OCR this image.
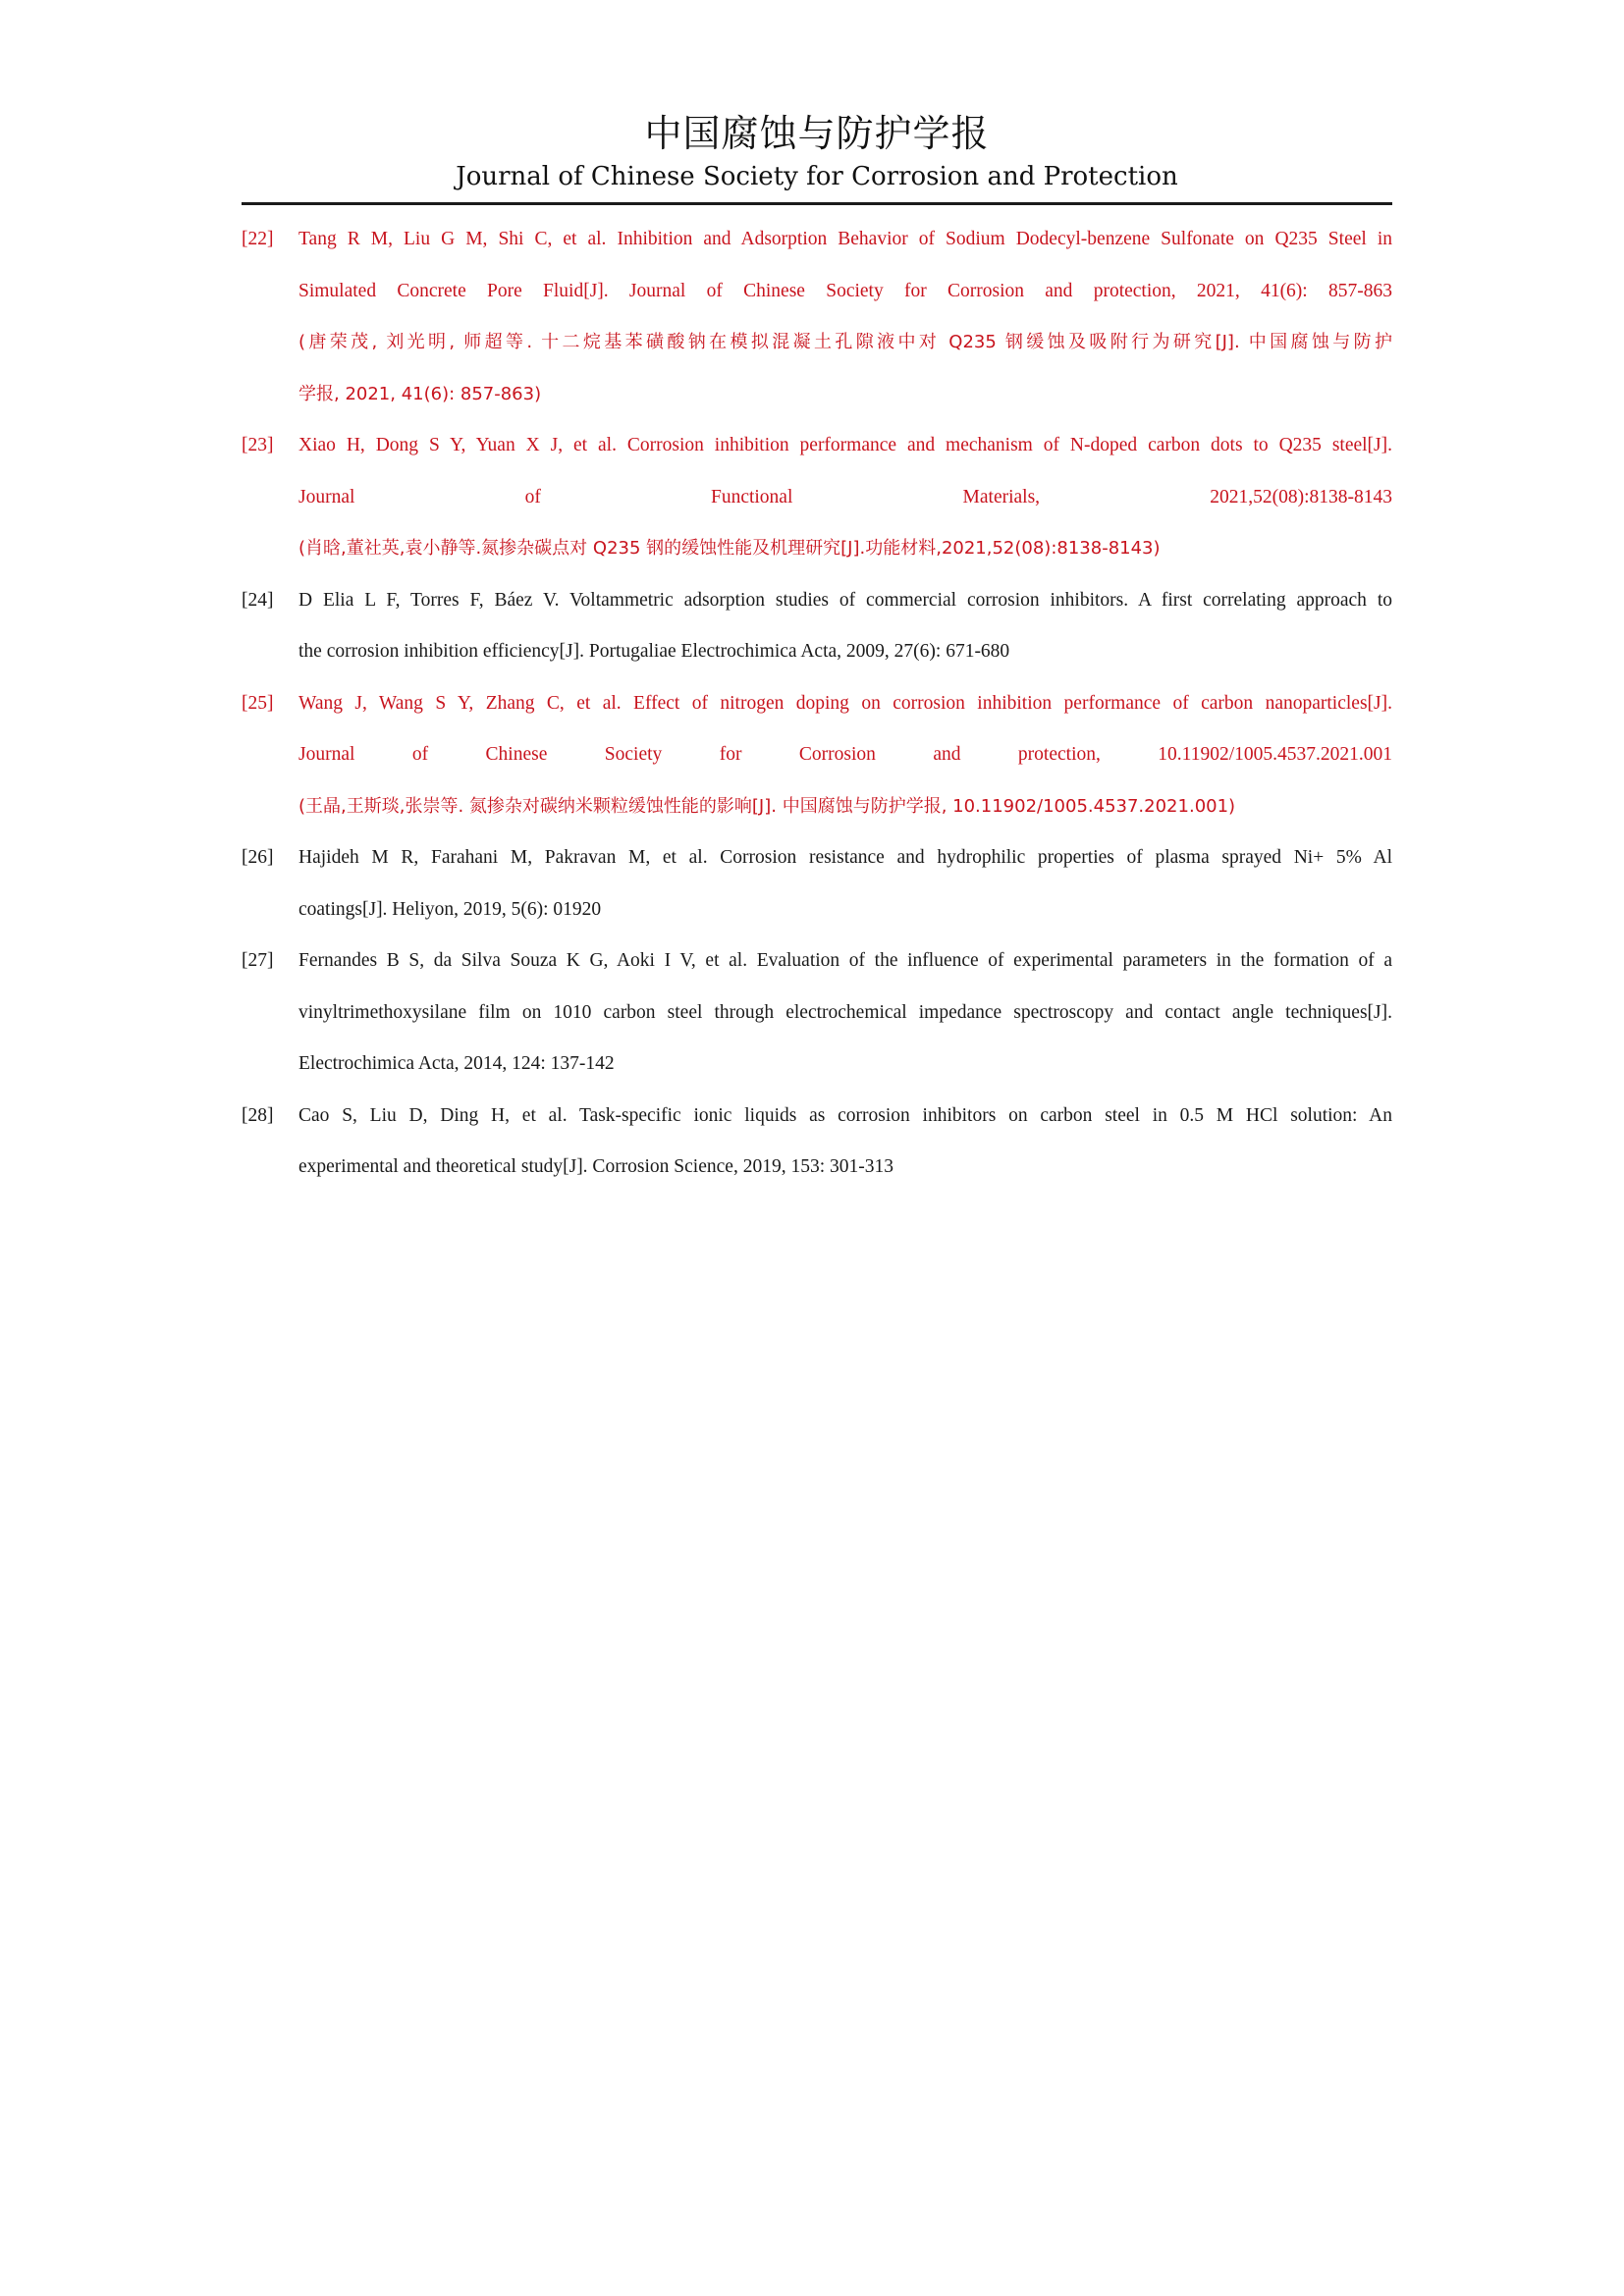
中国腐蚀与防护学报
Journal of Chinese Society for Corrosion and Protection
[22]	Tang R M, Liu G M, Shi C, et al. Inhibition and Adsorption Behavior of Sodium Dodecyl-benzene Sulfonate on Q235 Steel in
Simulated Concrete Pore Fluid[J]. Journal of Chinese Society for Corrosion and protection, 2021, 41(6): 857-863
(唐荣茂, 刘光明, 师超等. 十二烷基苯磺酸钠在模拟混凝土孔隙液中对 Q235 钢缓蚀及吸附行为研究[J]. 中国腐蚀与防护
学报, 2021, 41(6): 857-863)
[23]	Xiao H, Dong S Y, Yuan X J, et al. Corrosion inhibition performance and mechanism of N-doped carbon dots to Q235 steel[J].
Journal of Functional Materials, 2021,52(08):8138-8143
(肖晗,董社英,袁小静等.氮掺杂碳点对 Q235 钢的缓蚀性能及机理研究[J].功能材料,2021,52(08):8138-8143)
[24]	D Elia L F, Torres F, Báez V. Voltammetric adsorption studies of commercial corrosion inhibitors. A first correlating approach to
the corrosion inhibition efficiency[J]. Portugaliae Electrochimica Acta, 2009, 27(6): 671-680
[25]	Wang J, Wang S Y, Zhang C, et al. Effect of nitrogen doping on corrosion inhibition performance of carbon nanoparticles[J].
Journal of Chinese Society for Corrosion and protection, 10.11902/1005.4537.2021.001
(王晶,王斯琰,张崇等. 氮掺杂对碳纳米颗粒缓蚀性能的影响[J]. 中国腐蚀与防护学报, 10.11902/1005.4537.2021.001)
[26]	Hajideh M R, Farahani M, Pakravan M, et al. Corrosion resistance and hydrophilic properties of plasma sprayed Ni+ 5% Al
coatings[J]. Heliyon, 2019, 5(6): 01920
[27]	Fernandes B S, da Silva Souza K G, Aoki I V, et al. Evaluation of the influence of experimental parameters in the formation of a
vinyltrimethoxysilane film on 1010 carbon steel through electrochemical impedance spectroscopy and contact angle techniques[J].
Electrochimica Acta, 2014, 124: 137-142
[28]	Cao S, Liu D, Ding H, et al. Task-specific ionic liquids as corrosion inhibitors on carbon steel in 0.5 M HCl solution: An
experimental and theoretical study[J]. Corrosion Science, 2019, 153: 301-313
